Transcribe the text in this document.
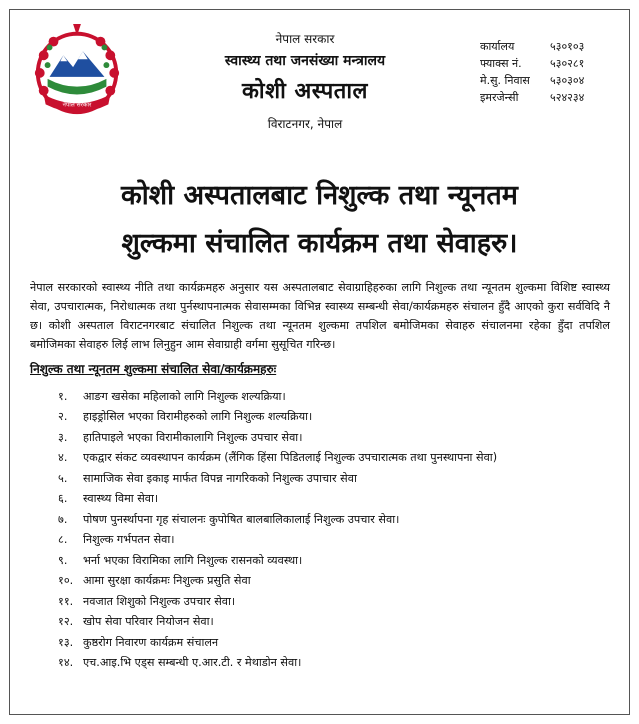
नेपाल सरकार
नेपाल सरकार
स्वास्थ्य तथा जनसंख्या मन्त्रालय
कोशी अस्पताल
विराटनगर, नेपाल
कार्यालय	५३०१०३
फ्याक्स नं.	५३०२८१
मे.सु. निवास	५३०३०४
इमरजेन्सी	५२४२३४
कोशी अस्पतालबाट निशुल्क तथा न्यूनतम
शुल्कमा संचालित कार्यक्रम तथा सेवाहरु।
नेपाल सरकारको स्वास्थ्य नीति तथा कार्यक्रमहरु अनुसार यस अस्पतालबाट सेवाग्राहिहरुका लागि निशुल्क तथा न्यूनतम शुल्कमा विशिष्ट स्वास्थ्य सेवा, उपचारात्मक, निरोधात्मक तथा पुर्नस्थापनात्मक सेवासम्मका विभिन्न स्वास्थ्य सम्बन्धी सेवा/कार्यक्रमहरु संचालन हुँदै आएको कुरा सर्वविदि नै छ। कोशी अस्पताल विराटनगरबाट संचालित निशुल्क तथा न्यूनतम शुल्कमा तपशिल बमोजिमका सेवाहरु संचालनमा रहेका हुँदा तपशिल बमोजिमका सेवाहरु लिई लाभ लिनुहुन आम सेवाग्राही वर्गमा सुसूचित गरिन्छ।
निशुल्क तथा न्यूनतम शुल्कमा संचालित सेवा/कार्यक्रमहरुः
१.	आङग खसेका महिलाको लागि निशुल्क शल्यक्रिया।
२.	हाइड्रोसिल भएका विरामीहरुको लागि निशुल्क शल्यक्रिया।
३.	हातिपाइले भएका विरामीकालागि निशुल्क उपचार सेवा।
४.	एकद्वार संकट व्यवस्थापन कार्यक्रम (लैंगिक हिंसा पिडितलाई निशुल्क उपचारात्मक तथा पुनस्थापना सेवा)
५.	सामाजिक सेवा इकाइ मार्फत विपन्न नागरिकको निशुल्क उपाचार सेवा
६.	स्वास्थ्य विमा सेवा।
७.	पोषण पुनर्स्थापना गृह संचालनः कुपोषित बालबालिकालाई निशुल्क उपचार सेवा।
८.	निशुल्क गर्भपतन सेवा।
९.	भर्ना भएका विरामिका लागि निशुल्क रासनको व्यवस्था।
१०. आमा सुरक्षा कार्यक्रमः निशुल्क प्रसुति सेवा
११. नवजात शिशुको निशुल्क उपचार सेवा।
१२. खोप सेवा परिवार नियोजन सेवा।
१३. कुष्ठरोग निवारण कार्यक्रम संचालन
१४. एच.आइ.भि एड्स सम्बन्धी ए.आर.टी. र मेथाडोन सेवा।
